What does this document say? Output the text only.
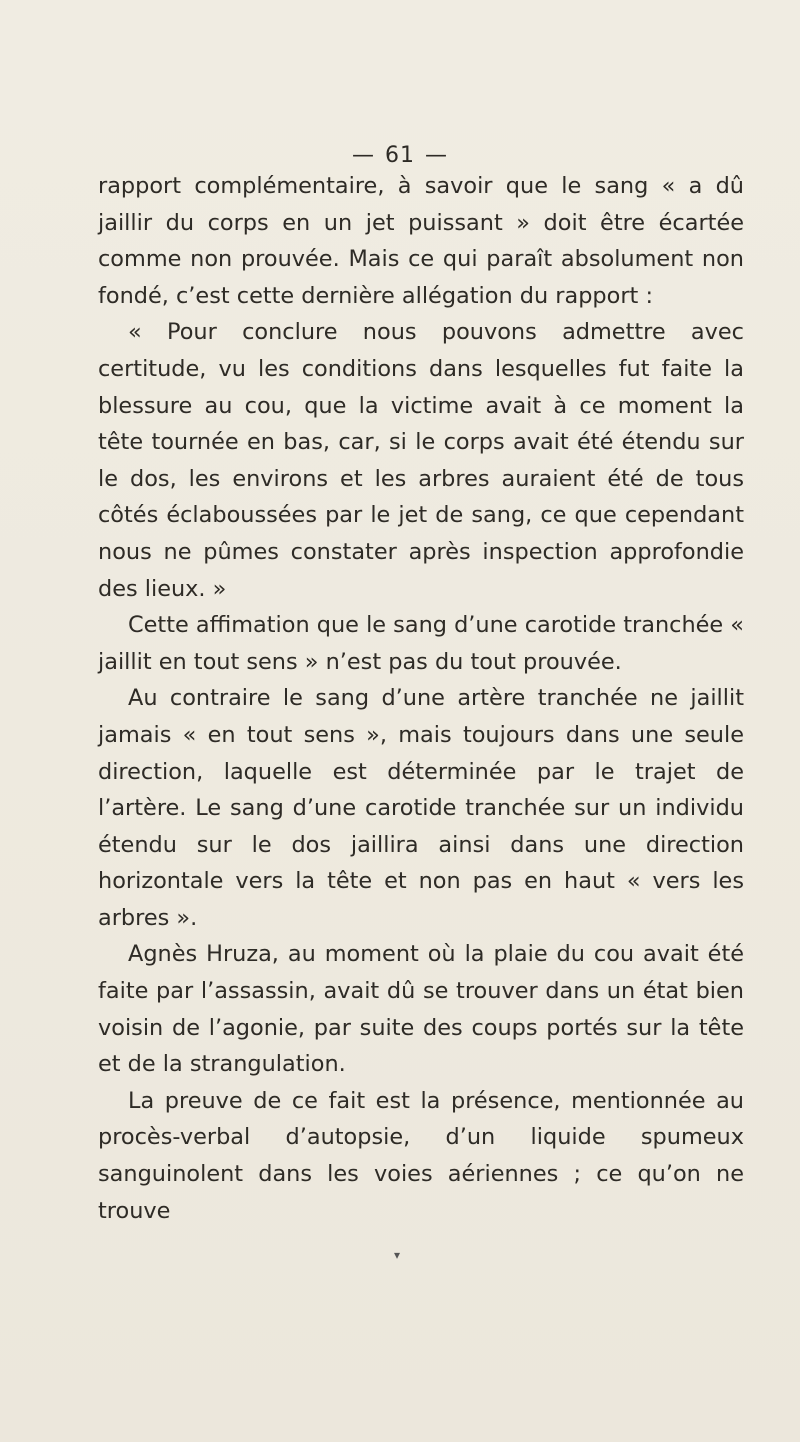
— 61 —

rapport complémentaire, à savoir que le sang « a dû jaillir du corps en un jet puissant » doit être écartée comme non prouvée. Mais ce qui paraît absolument non fondé, c’est cette dernière allégation du rapport :

« Pour conclure nous pouvons admettre avec certitude, vu les conditions dans lesquelles fut faite la blessure au cou, que la victime avait à ce moment la tête tournée en bas, car, si le corps avait été étendu sur le dos, les environs et les arbres auraient été de tous côtés éclaboussées par le jet de sang, ce que cependant nous ne pûmes constater après inspection approfondie des lieux. »

Cette affimation que le sang d’une carotide tranchée « jaillit en tout sens » n’est pas du tout prouvée.

Au contraire le sang d’une artère tranchée ne jaillit jamais « en tout sens », mais toujours dans une seule direction, laquelle est déterminée par le trajet de l’artère. Le sang d’une carotide tranchée sur un individu étendu sur le dos jaillira ainsi dans une direction horizontale vers la tête et non pas en haut « vers les arbres ».

Agnès Hruza, au moment où la plaie du cou avait été faite par l’assassin, avait dû se trouver dans un état bien voisin de l’agonie, par suite des coups portés sur la tête et de la strangulation.

La preuve de ce fait est la présence, mentionnée au procès-verbal d’autopsie, d’un liquide spumeux sanguinolent dans les voies aériennes ; ce qu’on ne trouve

▾
